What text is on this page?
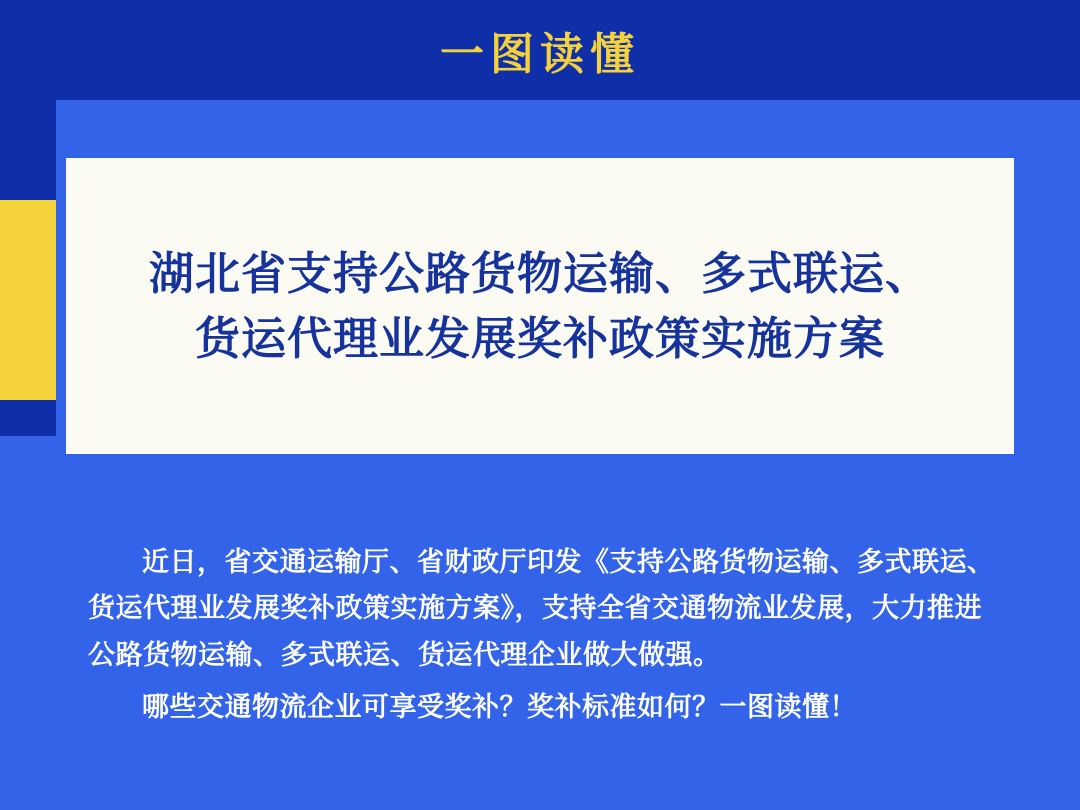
一图读懂
湖北省支持公路货物运输、多式联运、
货运代理业发展奖补政策实施方案

近日，省交通运输厅、省财政厅印发《支持公路货物运输、多式联运、货运代理业发展奖补政策实施方案》，支持全省交通物流业发展，大力推进公路货物运输、多式联运、货运代理企业做大做强。

哪些交通物流企业可享受奖补？奖补标准如何？一图读懂！
